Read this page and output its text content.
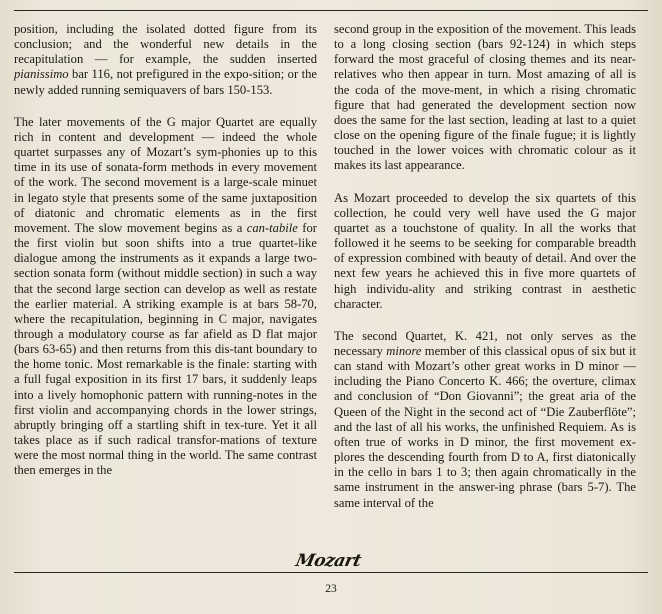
position, including the isolated dotted figure from its conclusion; and the wonderful new details in the recapitulation — for example, the sudden inserted pianissimo bar 116, not prefigured in the expo-sition; or the newly added running semiquavers of bars 150-153.

The later movements of the G major Quartet are equally rich in content and development — indeed the whole quartet surpasses any of Mozart’s sym-phonies up to this time in its use of sonata-form methods in every movement of the work. The second movement is a large-scale minuet in legato style that presents some of the same juxtaposition of diatonic and chromatic elements as in the first movement. The slow movement begins as a can-tabile for the first violin but soon shifts into a true quartet-like dialogue among the instruments as it expands a large two-section sonata form (without middle section) in such a way that the second large section can develop as well as restate the earlier material. A striking example is at bars 58-70, where the recapitulation, beginning in C major, navigates through a modulatory course as far afield as D flat major (bars 63-65) and then returns from this dis-tant boundary to the home tonic. Most remarkable is the finale: starting with a full fugal exposition in its first 17 bars, it suddenly leaps into a lively homophonic pattern with running-notes in the first violin and accompanying chords in the lower strings, abruptly bringing off a startling shift in tex-ture. Yet it all takes place as if such radical transfor-mations of texture were the most normal thing in the world. The same contrast then emerges in the

second group in the exposition of the movement. This leads to a long closing section (bars 92-124) in which steps forward the most graceful of closing themes and its near-relatives who then appear in turn. Most amazing of all is the coda of the move-ment, in which a rising chromatic figure that had generated the development section now does the same for the last section, leading at last to a quiet close on the opening figure of the finale fugue; it is lightly touched in the lower voices with chromatic colour as it makes its last appearance.

As Mozart proceeded to develop the six quartets of this collection, he could very well have used the G major quartet as a touchstone of quality. In all the works that followed it he seems to be seeking for comparable breadth of expression combined with beauty of detail. And over the next few years he achieved this in five more quartets of high individu-ality and striking contrast in aesthetic character.

The second Quartet, K. 421, not only serves as the necessary minore member of this classical opus of six but it can stand with Mozart’s other great works in D minor — including the Piano Concerto K. 466; the overture, climax and conclusion of “Don Giovanni”; the great aria of the Queen of the Night in the second act of “Die Zauberflöte”; and the last of all his works, the unfinished Requiem. As is often true of works in D minor, the first movement ex-plores the descending fourth from D to A, first diatonically in the cello in bars 1 to 3; then again chromatically in the same instrument in the answer-ing phrase (bars 5-7). The same interval of the

Mozart
23
